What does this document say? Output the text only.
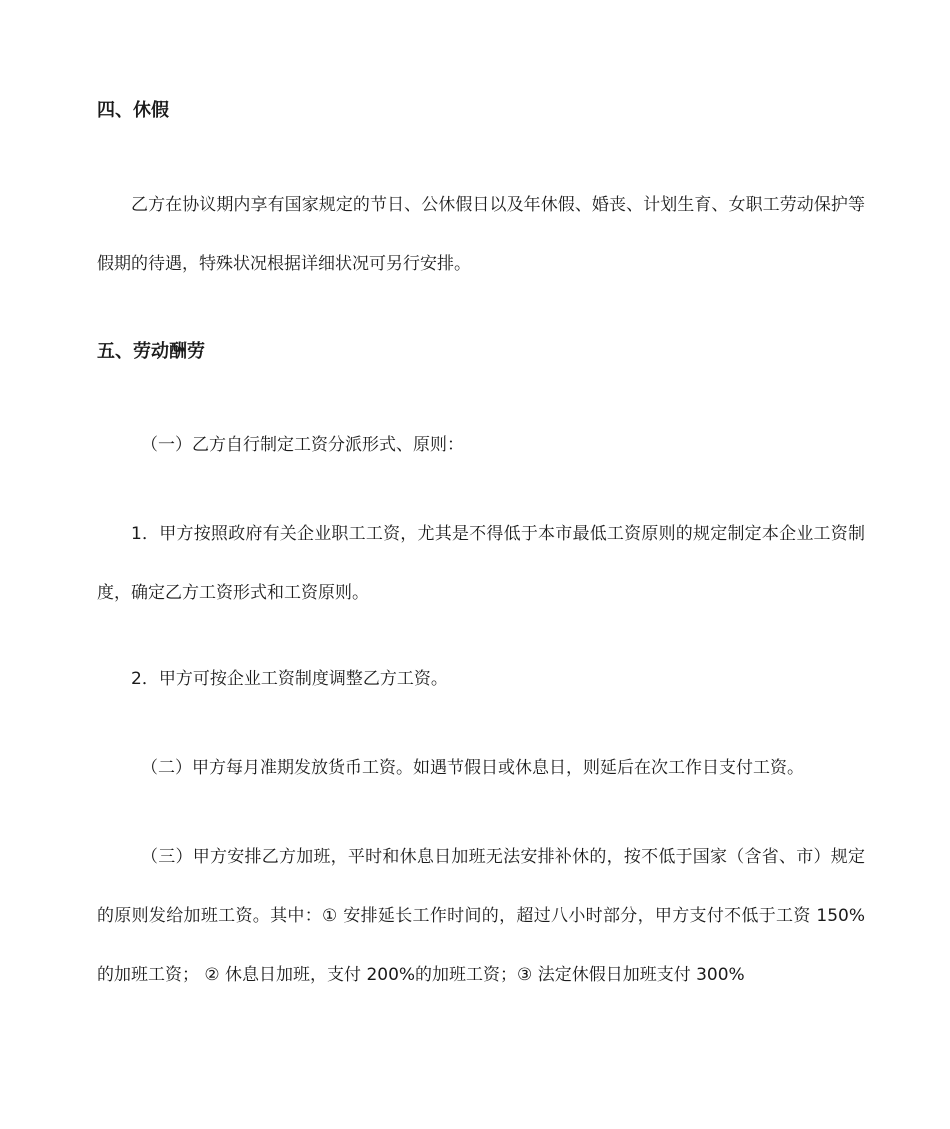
四、休假

乙方在协议期内享有国家规定的节日、公休假日以及年休假、婚丧、计划生育、女职工劳动保护等假期的待遇，特殊状况根据详细状况可另行安排。

五、劳动酬劳

（一）乙方自行制定工资分派形式、原则：

1．甲方按照政府有关企业职工工资，尤其是不得低于本市最低工资原则的规定制定本企业工资制度，确定乙方工资形式和工资原则。

2．甲方可按企业工资制度调整乙方工资。

（二）甲方每月准期发放货币工资。如遇节假日或休息日，则延后在次工作日支付工资。

（三）甲方安排乙方加班，平时和休息日加班无法安排补休的，按不低于国家（含省、市）规定的原则发给加班工资。其中：① 安排延长工作时间的，超过八小时部分，甲方支付不低于工资 150%的加班工资； ② 休息日加班，支付 200%的加班工资；③ 法定休假日加班支付 300%
